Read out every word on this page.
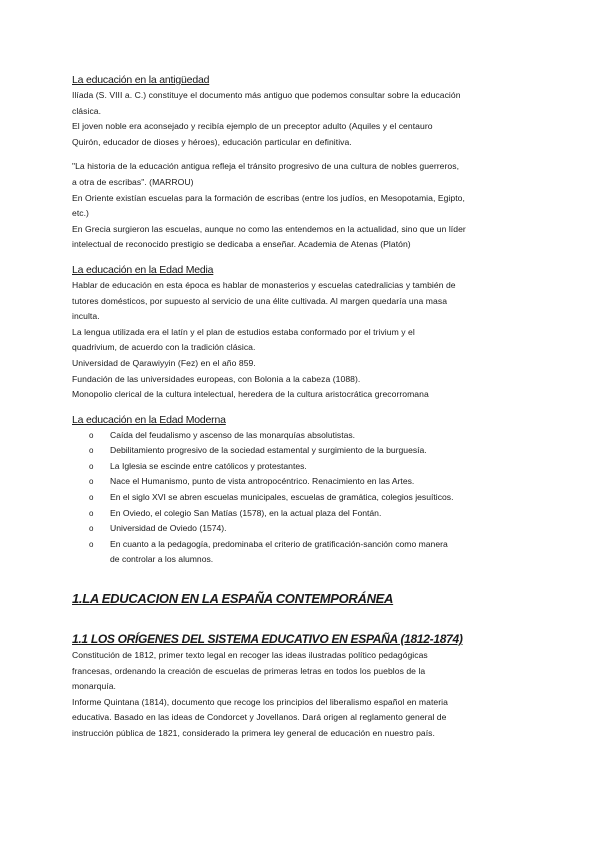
La educación en la antigüedad

Ilíada (S. VIII a. C.) constituye el documento más antiguo que podemos consultar sobre la educación

clásica.

El joven noble era aconsejado y recibía ejemplo de un preceptor adulto (Aquiles y el centauro

Quirón, educador de dioses y héroes), educación particular en definitiva.

"La historia de la educación antigua refleja el tránsito progresivo de una cultura de nobles guerreros,

a otra de escribas". (MARROU)

En Oriente existían escuelas para la formación de escribas (entre los judíos, en Mesopotamia, Egipto,

etc.)

En Grecia surgieron las escuelas, aunque no como las entendemos en la actualidad, sino que un líder

intelectual de reconocido prestigio se dedicaba a enseñar. Academia de Atenas (Platón)

La educación en la Edad Media

Hablar de educación en esta época es hablar de monasterios y escuelas catedralicias y también de

tutores domésticos, por supuesto al servicio de una élite cultivada. Al margen quedaría una masa

inculta.

La lengua utilizada era el latín y el plan de estudios estaba conformado por el trivium y el

quadrivium, de acuerdo con la tradición clásica.

Universidad de Qarawiyyin (Fez) en el año 859.

Fundación de las universidades europeas, con Bolonia a la cabeza (1088).

Monopolio clerical de la cultura intelectual, heredera de la cultura aristocrática grecorromana

La educación en la Edad Moderna

o Caída del feudalismo y ascenso de las monarquías absolutistas.
o Debilitamiento progresivo de la sociedad estamental y surgimiento de la burguesía.
o La Iglesia se escinde entre católicos y protestantes.
o Nace el Humanismo, punto de vista antropocéntrico. Renacimiento en las Artes.
o En el siglo XVI se abren escuelas municipales, escuelas de gramática, colegios jesuíticos.
o En Oviedo, el colegio San Matías (1578), en la actual plaza del Fontán.
o Universidad de Oviedo (1574).
o En cuanto a la pedagogía, predominaba el criterio de gratificación-sanción como manera de controlar a los alumnos.

1.LA EDUCACION EN LA ESPAÑA CONTEMPORÁNEA

1.1 LOS ORÍGENES DEL SISTEMA EDUCATIVO EN ESPAÑA (1812-1874)

Constitución de 1812, primer texto legal en recoger las ideas ilustradas político pedagógicas

francesas, ordenando la creación de escuelas de primeras letras en todos los pueblos de la

monarquía.

Informe Quintana (1814), documento que recoge los principios del liberalismo español en materia

educativa. Basado en las ideas de Condorcet y Jovellanos. Dará origen al reglamento general de

instrucción pública de 1821, considerado la primera ley general de educación en nuestro país.
